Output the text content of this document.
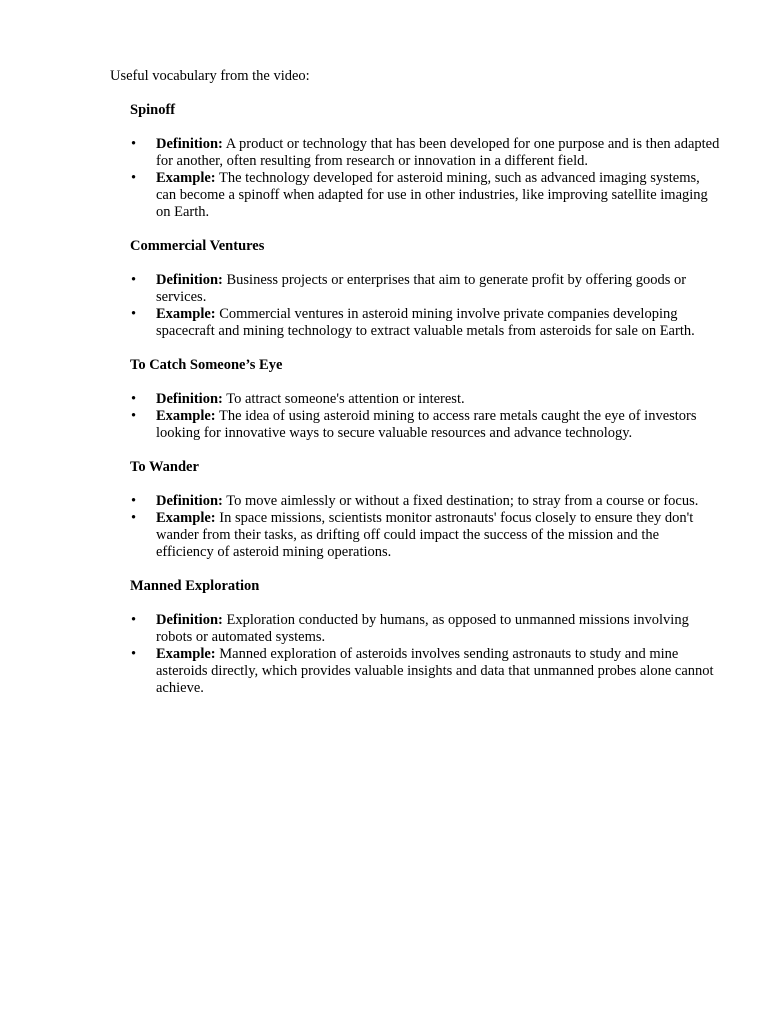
Useful vocabulary from the video:

Spinoff
•	Definition: A product or technology that has been developed for one purpose and is then adapted for another, often resulting from research or innovation in a different field.
•	Example: The technology developed for asteroid mining, such as advanced imaging systems, can become a spinoff when adapted for use in other industries, like improving satellite imaging on Earth.
Commercial Ventures
•	Definition: Business projects or enterprises that aim to generate profit by offering goods or services.
•	Example: Commercial ventures in asteroid mining involve private companies developing spacecraft and mining technology to extract valuable metals from asteroids for sale on Earth.
To Catch Someone’s Eye
•	Definition: To attract someone's attention or interest.
•	Example: The idea of using asteroid mining to access rare metals caught the eye of investors looking for innovative ways to secure valuable resources and advance technology.
To Wander
•	Definition: To move aimlessly or without a fixed destination; to stray from a course or focus.
•	Example: In space missions, scientists monitor astronauts' focus closely to ensure they don't wander from their tasks, as drifting off could impact the success of the mission and the efficiency of asteroid mining operations.
Manned Exploration
•	Definition: Exploration conducted by humans, as opposed to unmanned missions involving robots or automated systems.
•	Example: Manned exploration of asteroids involves sending astronauts to study and mine asteroids directly, which provides valuable insights and data that unmanned probes alone cannot achieve.
